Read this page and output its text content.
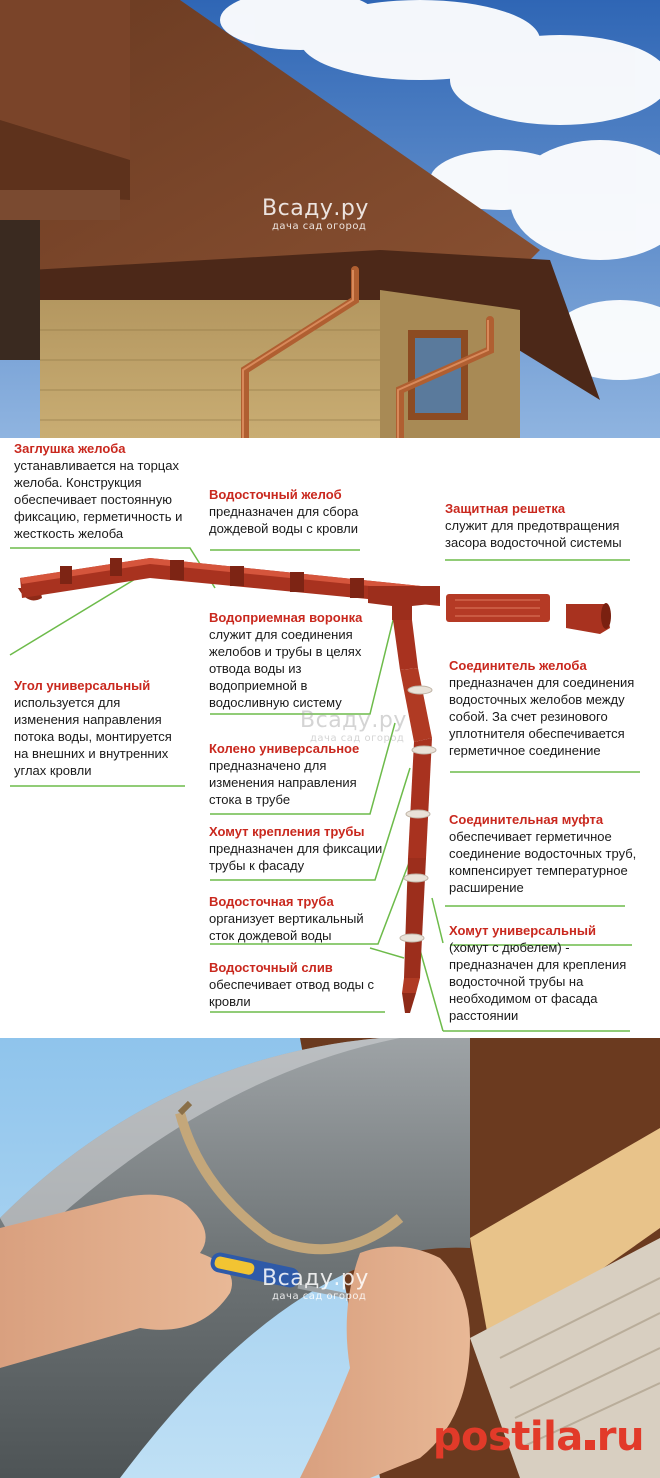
Всаду.ру
дача сад огород
Всаду.ру
дача сад огород
Заглушка желоба
устанавливается на торцах желоба. Конструкция обеспечивает постоянную фиксацию, герметичность и жесткость желоба
Водосточный желоб
предназначен для сбора дождевой воды с кровли
Защитная решетка
служит для предотвращения засора водосточной системы
Водоприемная воронка
служит для соединения желобов и трубы в целях отвода воды из водоприемной в водосливную систему
Угол универсальный
используется для изменения направления потока воды, монтируется на внешних и внутренних углах кровли
Соединитель желоба
предназначен для соединения водосточных желобов между собой. За счет резинового уплотнителя обеспечивается герметичное соединение
Колено универсальное
предназначено для изменения направления стока в трубе
Хомут крепления трубы
предназначен для фиксации трубы к фасаду
Соединительная муфта
обеспечивает герметичное соединение водосточных труб, компенсирует температурное расширение
Водосточная труба
организует вертикальный сток дождевой воды	Хомут универсальный
(хомут с дюбелем) - предназначен для крепления водосточной трубы на необходимом от фасада расстоянии
Водосточный слив
обеспечивает отвод воды с кровли
Всаду.ру
дача сад огород
postila ru
